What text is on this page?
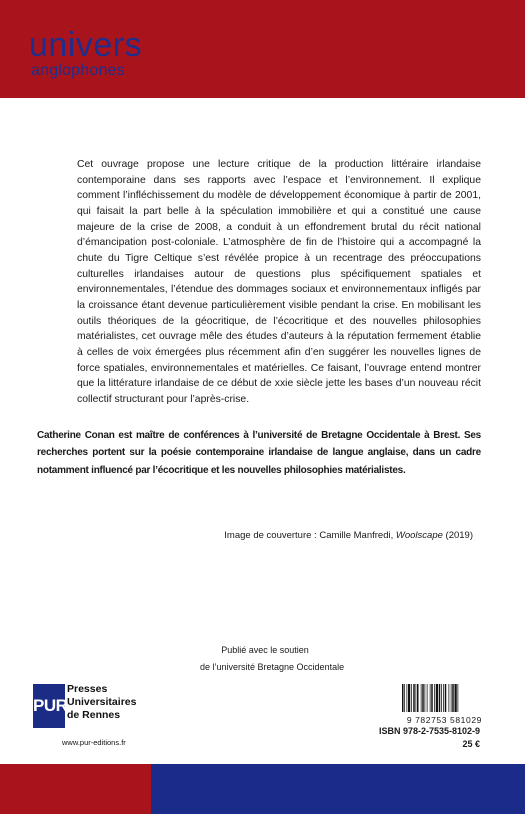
univers
anglophones

Cet ouvrage propose une lecture critique de la production littéraire irlandaise contemporaine dans ses rapports avec l’espace et l’environnement. Il explique comment l’infléchissement du modèle de développement économique à partir de 2001, qui faisait la part belle à la spéculation immobilière et qui a constitué une cause majeure de la crise de 2008, a conduit à un effondrement brutal du récit national d’émancipation post-coloniale. L’atmosphère de fin de l’histoire qui a accompagné la chute du Tigre Celtique s’est révélée propice à un recentrage des préoccupations culturelles irlandaises autour de questions plus spécifiquement spatiales et environnementales, l’étendue des dommages sociaux et environnementaux infligés par la croissance étant devenue particulièrement visible pendant la crise. En mobilisant les outils théoriques de la géocritique, de l’écocritique et des nouvelles philosophies matérialistes, cet ouvrage mêle des études d’auteurs à la réputation fermement établie à celles de voix émergées plus récemment afin d’en suggérer les nouvelles lignes de force spatiales, environnementales et matérielles. Ce faisant, l’ouvrage entend montrer que la littérature irlandaise de ce début de xxie siècle jette les bases d’un nouveau récit collectif structurant pour l’après-crise.

Catherine Conan est maître de conférences à l’université de Bretagne Occidentale à Brest. Ses recherches portent sur la poésie contemporaine irlandaise de langue anglaise, dans un cadre notamment influencé par l’écocritique et les nouvelles philosophies matérialistes.

Image de couverture : Camille Manfredi, Woolscape (2019)
Publié avec le soutien
de l’université Bretagne Occidentale
PUR
Presses
Universitaires
de Rennes
www.pur-editions.fr
9 782753 581029
ISBN 978-2-7535-8102-9
25 €
